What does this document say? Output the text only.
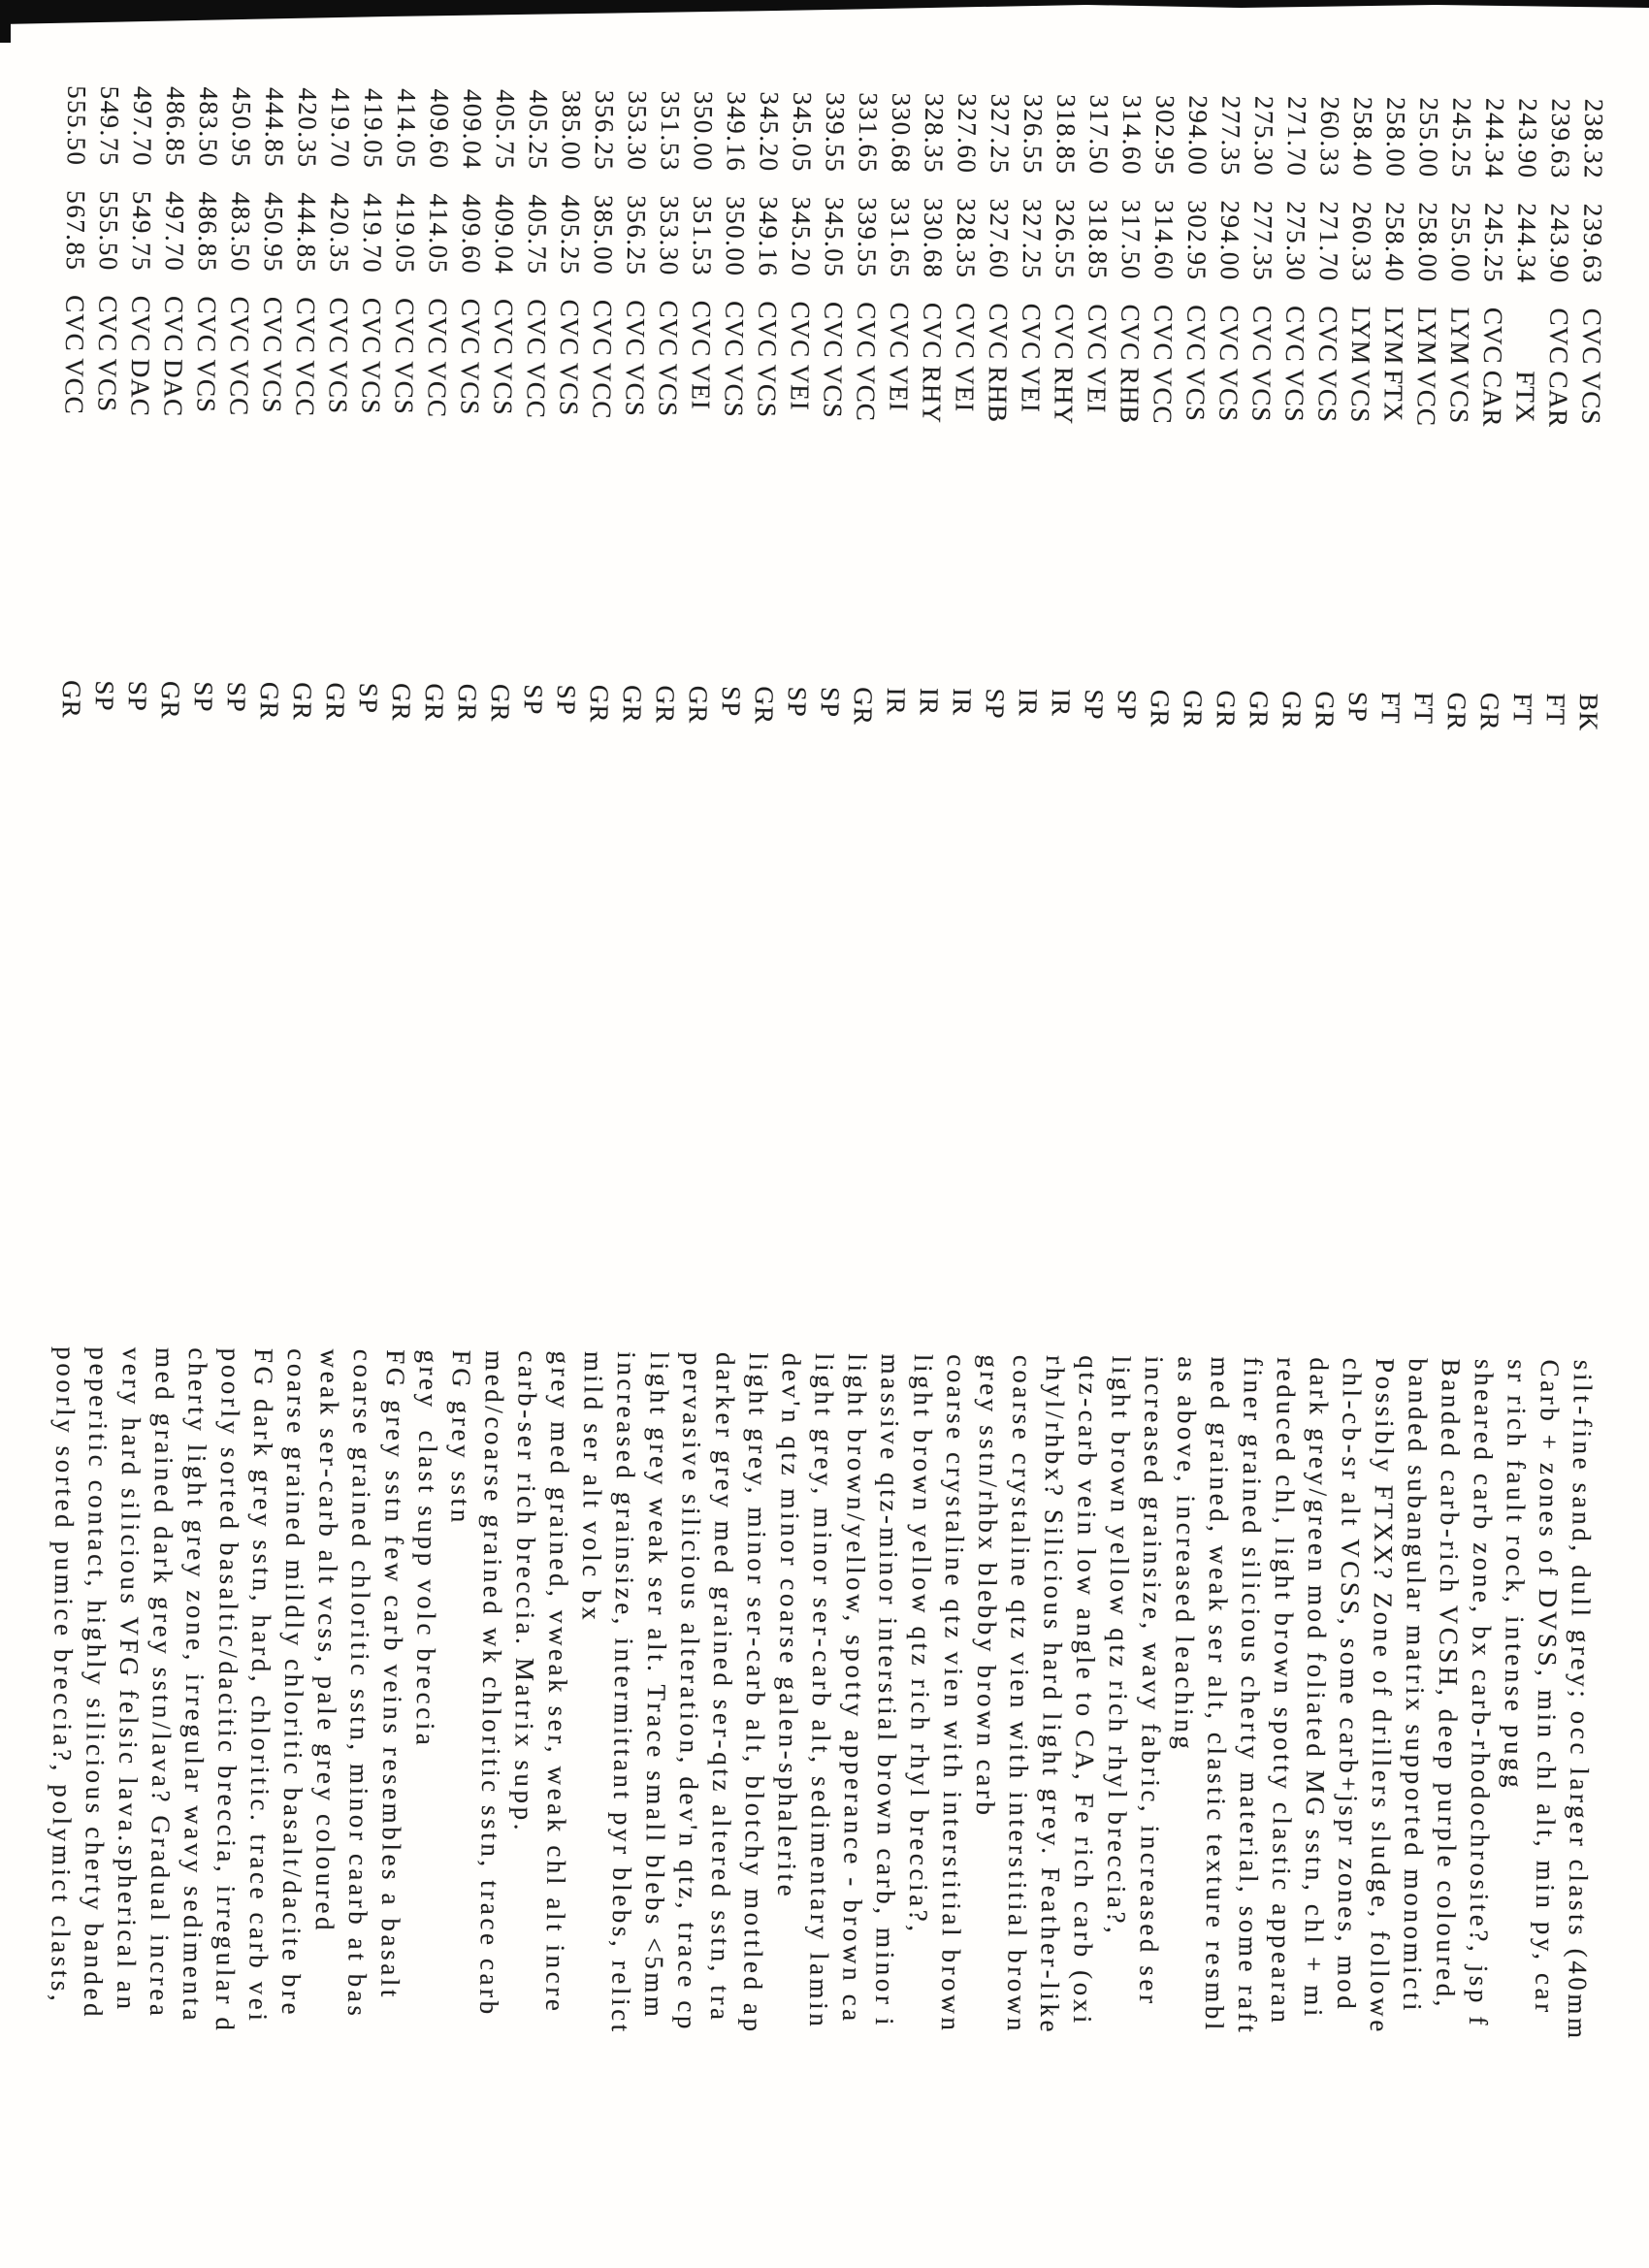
238.32
239.63
CVC
VCS
BK
silt-fine sand, dull grey; occ larger clasts (40mm
239.63
243.90
CVC
CAR
FT
Carb + zones of DVSS, min chl alt, min py, car
243.90
244.34
FTX
FT
sr rich fault rock, intense pugg
244.34
245.25
CVC
CAR
GR
sheared carb zone, bx carb-rhodochrosite?, jsp f
245.25
255.00
LYM
VCS
GR
Banded carb-rich VCSH, deep purple coloured,
255.00
258.00
LYM
VCC
FT
banded subangular matrix supported monomicti
258.00
258.40
LYM
FTX
FT
Possibly FTXX? Zone of drillers sludge, followe
258.40
260.33
LYM
VCS
SP
chl-cb-sr alt VCSS, some carb+jspr zones, mod
260.33
271.70
CVC
VCS
GR
dark grey/green mod foliated MG sstn, chl + mi
271.70
275.30
CVC
VCS
GR
reduced chl, light brown spotty clastic appearan
275.30
277.35
CVC
VCS
GR
finer grained silicious cherty material, some raft
277.35
294.00
CVC
VCS
GR
med grained, weak ser alt, clastic texture resmbl
294.00
302.95
CVC
VCS
GR
as above, increased leaching
302.95
314.60
CVC
VCC
GR
increased grainsize, wavy fabric, increased ser
314.60
317.50
CVC
RHB
SP
light brown yellow qtz rich rhyl breccia?,
317.50
318.85
CVC
VEI
SP
qtz-carb vein low angle to CA, Fe rich carb (oxi
318.85
326.55
CVC
RHY
IR
rhyl/rhbx? Silicious hard light grey. Feather-like
326.55
327.25
CVC
VEI
IR
coarse crystaline qtz vien with interstitial brown
327.25
327.60
CVC
RHB
SP
grey sstn/rhbx blebby brown carb
327.60
328.35
CVC
VEI
IR
coarse crystaline qtz vien with interstitial brown
328.35
330.68
CVC
RHY
IR
light brown yellow qtz rich rhyl breccia?,
330.68
331.65
CVC
VEI
IR
massive qtz-minor interstial brown carb, minor i
331.65
339.55
CVC
VCC
GR
light brown/yellow, spotty apperance - brown ca
339.55
345.05
CVC
VCS
SP
light grey, minor ser-carb alt, sedimentary lamin
345.05
345.20
CVC
VEI
SP
dev'n qtz minor coarse galen-sphalerite
345.20
349.16
CVC
VCS
GR
light grey, minor ser-carb alt, blotchy mottled ap
349.16
350.00
CVC
VCS
SP
darker grey med grained ser-qtz altered sstn, tra
350.00
351.53
CVC
VEI
GR
pervasive silicious alteration, dev'n qtz, trace cp
351.53
353.30
CVC
VCS
GR
light grey weak ser alt. Trace small blebs <5mm
353.30
356.25
CVC
VCS
GR
increased grainsize, intermittant pyr blebs, relict
356.25
385.00
CVC
VCC
GR
mild ser alt volc bx
385.00
405.25
CVC
VCS
SP
grey med grained, vweak ser, weak chl alt incre
405.25
405.75
CVC
VCC
SP
carb-ser rich breccia. Matrix supp.
405.75
409.04
CVC
VCS
GR
med/coarse grained wk chloritic sstn, trace carb
409.04
409.60
CVC
VCS
GR
FG grey sstn
409.60
414.05
CVC
VCC
GR
grey  clast supp volc breccia
414.05
419.05
CVC
VCS
GR
FG grey sstn few carb veins resembles a basalt
419.05
419.70
CVC
VCS
SP
coarse grained chloritic sstn, minor caarb at bas
419.70
420.35
CVC
VCS
GR
weak ser-carb alt vcss, pale grey coloured
420.35
444.85
CVC
VCC
GR
coarse grained mildly chloritic basalt/dacite bre
444.85
450.95
CVC
VCS
GR
FG dark grey sstn, hard, chloritic. trace carb vei
450.95
483.50
CVC
VCC
SP
poorly sorted basaltic/dacitic breccia, irregular d
483.50
486.85
CVC
VCS
SP
cherty light grey zone, irregular wavy sedimenta
486.85
497.70
CVC
DAC
GR
med grained dark grey sstn/lava? Gradual increa
497.70
549.75
CVC
DAC
SP
very hard silicious VFG felsic lava.spherical an
549.75
555.50
CVC
VCS
SP
peperitic contact, highly silicious cherty banded
555.50
567.85
CVC
VCC
GR
poorly sorted pumice breccia?, polymict clasts,
